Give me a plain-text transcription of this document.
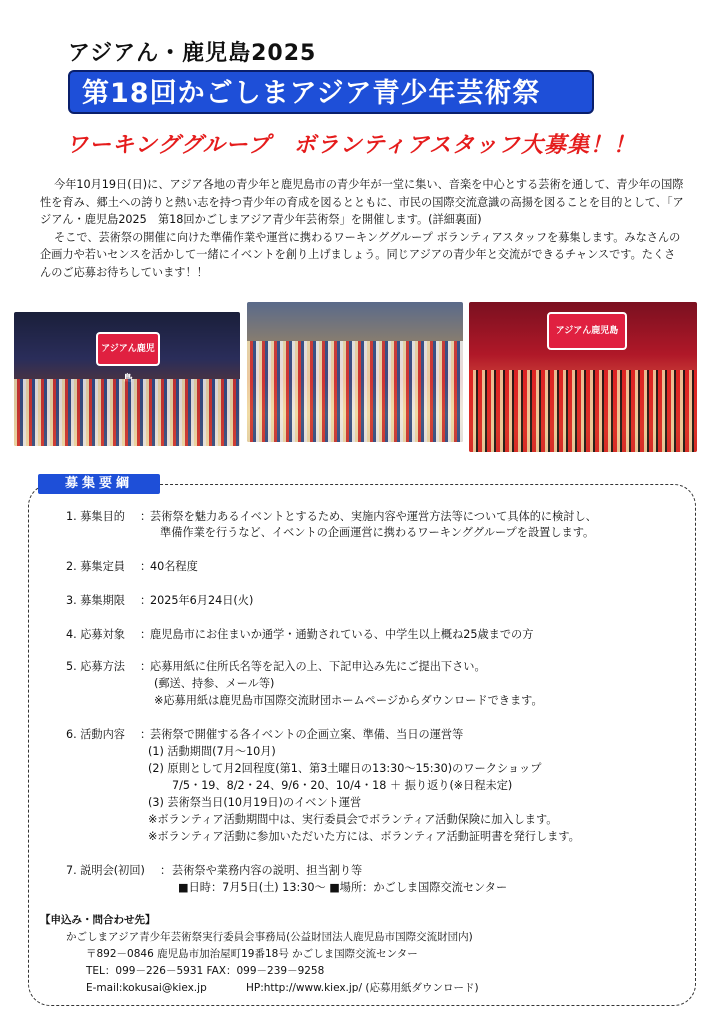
アジアん・鹿児島2025
第18回かごしまアジア青少年芸術祭
ワーキンググループ　ボランティアスタッフ大募集！！

今年10月19日(日)に、アジア各地の青少年と鹿児島市の青少年が一堂に集い、音楽を中心とする芸術を通して、青少年の国際性を育み、郷土への誇りと熱い志を持つ青少年の育成を図るとともに、市民の国際交流意識の高揚を図ることを目的として、「アジアん・鹿児島2025　第18回かごしまアジア青少年芸術祭」を開催します。(詳細裏面)

そこで、芸術祭の開催に向けた準備作業や運営に携わるワーキンググループ ボランティアスタッフを募集します。みなさんの企画力や若いセンスを活かして一緒にイベントを創り上げましょう。同じアジアの青少年と交流ができるチャンスです。たくさんのご応募お待ちしています！！

アジアん鹿児
アジアん鹿児島
募集要綱
1. 募集目的 ：
芸術祭を魅力あるイベントとするため、実施内容や運営方法等について具体的に検討し、
準備作業を行うなど、イベントの企画運営に携わるワーキンググループを設置します。
2. 募集定員 ：
40名程度
3. 募集期限 ：
2025年6月24日(火)
4. 応募対象 ：
鹿児島市にお住まいか通学・通勤されている、中学生以上概ね25歳までの方
5. 応募方法 ：
応募用紙に住所氏名等を記入の上、下記申込み先にご提出下さい。
(郵送、持参、メール等)
※応募用紙は鹿児島市国際交流財団ホームページからダウンロードできます。
6. 活動内容 ：
芸術祭で開催する各イベントの企画立案、準備、当日の運営等
(1) 活動期間(7月～10月)
(2) 原則として月2回程度(第1、第3土曜日の13:30～15:30)のワークショップ
7/5・19、8/2・24、9/6・20、10/4・18 ＋ 振り返り(※日程未定)
(3) 芸術祭当日(10月19日)のイベント運営
※ボランティア活動期間中は、実行委員会でボランティア活動保険に加入します。
※ボランティア活動に参加いただいた方には、ボランティア活動証明書を発行します。
7. 説明会(初回) ： 芸術祭や業務内容の説明、担当割り等
■日時：7月5日(土) 13:30～ ■場所：かごしま国際交流センター
【申込み・問合わせ先】
かごしまアジア青少年芸術祭実行委員会事務局(公益財団法人鹿児島市国際交流財団内)
〒892－0846 鹿児島市加治屋町19番18号 かごしま国際交流センター
TEL：099－226－5931 FAX：099－239－9258
E-mail:kokusai@kiex.jp	HP:http://www.kiex.jp/ (応募用紙ダウンロード)
